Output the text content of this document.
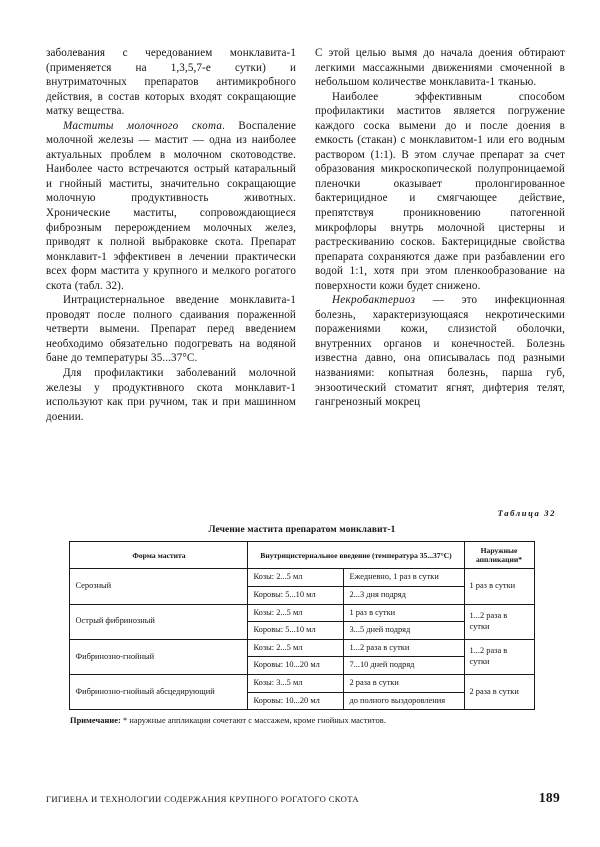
заболевания с чередованием монклавита-1 (применяется на 1,3,5,7-е сутки) и внутриматочных препаратов антимикробного действия, в состав которых входят сокращающие матку вещества.

Маститы молочного скота. Воспаление молочной железы — мастит — одна из наиболее актуальных проблем в молочном скотоводстве. Наиболее часто встречаются острый катаральный и гнойный маститы, значительно сокращающие молочную продуктивность животных. Хронические маститы, сопровождающиеся фиброзным перерождением молочных желез, приводят к полной выбраковке скота. Препарат монклавит-1 эффективен в лечении практически всех форм мастита у крупного и мелкого рогатого скота (табл. 32).

Интрацистернальное введение монклавита-1 проводят после полного сдаивания пораженной четверти вымени. Препарат перед введением необходимо обязательно подогревать на водяной бане до температуры 35...37°С.

Для профилактики заболеваний молочной железы у продуктивного скота монклавит-1 используют как при ручном, так и при машинном доении.

С этой целью вымя до начала доения обтирают легкими массажными движениями смоченной в небольшом количестве монклавита-1 тканью.

Наиболее эффективным способом профилактики маститов является погружение каждого соска вымени до и после доения в емкость (стакан) с монклавитом-1 или его водным раствором (1:1). В этом случае препарат за счет образования микроскопической полупроницаемой пленочки оказывает пролонгированное бактерицидное и смягчающее действие, препятствуя проникновению патогенной микрофлоры внутрь молочной цистерны и растрескиванию сосков. Бактерицидные свойства препарата сохраняются даже при разбавлении его водой 1:1, хотя при этом пленкообразование на поверхности кожи будет снижено.

Некробактериоз — это инфекционная болезнь, характеризующаяся некротическими поражениями кожи, слизистой оболочки, внутренних органов и конечностей. Болезнь известна давно, она описывалась под разными названиями: копытная болезнь, парша губ, энзоотический стоматит ягнят, дифтерия телят, гангренозный мокрец

Таблица 32
Лечение мастита препаратом монклавит-1
Форма мастита	Внутрицистернальное введение (температура 35...37°С)		Наружные аппликации*
Серозный	Козы: 2...5 мл	Ежедневно, 1 раз в сутки	1 раз в сутки
	Коровы: 5...10 мл	2...3 дня подряд	
Острый фибринозный	Козы: 2...5 мл	1 раз в сутки	1...2 раза в сутки
	Коровы: 5...10 мл	3...5 дней подряд	
Фибринозно-гнойный	Козы: 2...5 мл	1...2 раза в сутки	1...2 раза в сутки
	Коровы: 10...20 мл	7...10 дней подряд	
Фибринозно-гнойный абсцедирующий	Козы: 3...5 мл	2 раза в сутки	2 раза в сутки
	Коровы: 10...20 мл	до полного выздоровления	
Примечание: * наружные аппликации сочетают с массажем, кроме гнойных маститов.
ГИГИЕНА И ТЕХНОЛОГИИ СОДЕРЖАНИЯ КРУПНОГО РОГАТОГО СКОТА	189
